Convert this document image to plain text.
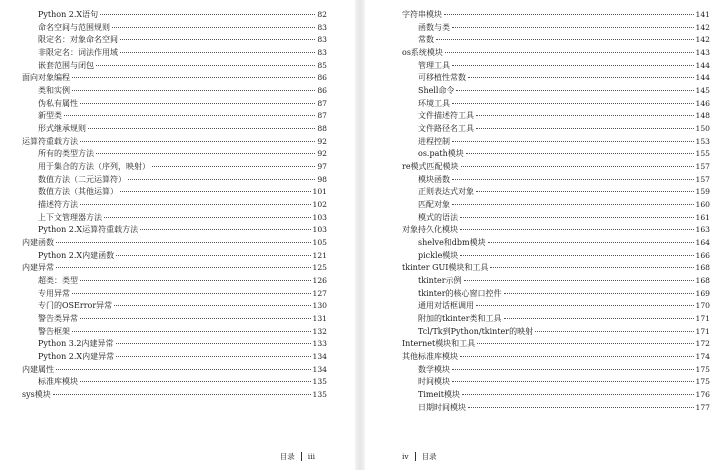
Python 2.X语句	82
命名空间与范围规则	83
限定名：对象命名空间	83
非限定名：词法作用域	83
嵌套范围与闭包	85
面向对象编程	86
类和实例	86
伪私有属性	87
新型类	87
形式继承规则	88
运算符重载方法	92
所有的类型方法	92
用于集合的方法（序列，映射）	97
数值方法（二元运算符）	98
数值方法（其他运算）	101
描述符方法	102
上下文管理器方法	103
Python 2.X运算符重载方法	103
内建函数	105
Python 2.X内建函数	121
内建异常	125
超类：类型	126
专用异常	127
专门的OSError异常	130
警告类异常	131
警告框架	132
Python 3.2内建异常	133
Python 2.X内建异常	134
内建属性	134
标准库模块	135
sys模块	135
目录 iii
字符串模块	141
函数与类	142
常数	142
os系统模块	143
管理工具	144
可移植性常数	144
Shell命令	145
环境工具	146
文件描述符工具	148
文件路径名工具	150
进程控制	153
os.path模块	155
re模式匹配模块	157
模块函数	157
正则表达式对象	159
匹配对象	160
模式的语法	161
对象持久化模块	163
shelve和dbm模块	164
pickle模块	166
tkinter GUI模块和工具	168
tkinter示例	168
tkinter的核心窗口控件	169
通用对话框调用	170
附加的tkinter类和工具	171
Tcl/Tk到Python/tkinter的映射	171
Internet模块和工具	172
其他标准库模块	174
数学模块	175
时间模块	175
Timeit模块	176
日期时间模块	177
iv 目录
